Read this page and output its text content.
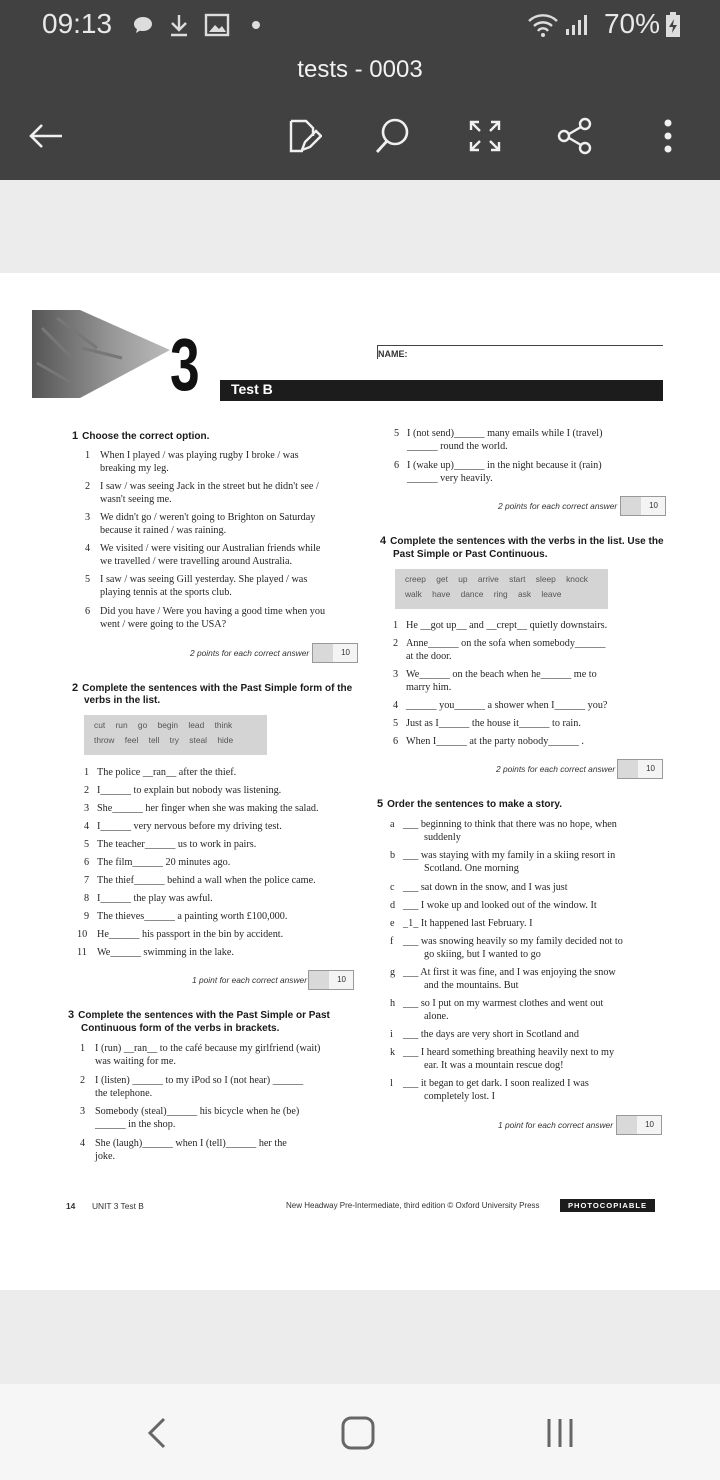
09:13	70%
tests - 0003
3 Test B
NAME:
1 Choose the correct option.
1 When I played / was playing rugby I broke / was
breaking my leg.
2 I saw / was seeing Jack in the street but he didn't see /
wasn't seeing me.
3 We didn't go / weren't going to Brighton on Saturday
because it rained / was raining.
4 We visited / were visiting our Australian friends while
we travelled / were travelling around Australia.
5 I saw / was seeing Gill yesterday. She played / was
playing tennis at the sports club.
6 Did you have / Were you having a good time when you
went / were going to the USA?
2 points for each correct answer	10
2 Complete the sentences with the Past Simple form of the
verbs in the list.
cut run go begin lead think
throw feel tell try steal hide
1 The police __ran__ after the thief.
2 I______ to explain but nobody was listening.
3 She______ her finger when she was making the salad.
4 I______ very nervous before my driving test.
5 The teacher______ us to work in pairs.
6 The film______ 20 minutes ago.
7 The thief______ behind a wall when the police came.
8 I______ the play was awful.
9 The thieves______ a painting worth £100,000.
10 He______ his passport in the bin by accident.
11 We______ swimming in the lake.
1 point for each correct answer	10
3 Complete the sentences with the Past Simple or Past
Continuous form of the verbs in brackets.
1 I (run) __ran__ to the café because my girlfriend (wait)
was waiting for me.
2 I (listen) ______ to my iPod so I (not hear) ______
the telephone.
3 Somebody (steal)______ his bicycle when he (be)
______ in the shop.
4 She (laugh)______ when I (tell)______ her the
joke.
5 I (not send)______ many emails while I (travel)
______ round the world.
6 I (wake up)______ in the night because it (rain)
______ very heavily.
2 points for each correct answer	10
4 Complete the sentences with the verbs in the list. Use the
Past Simple or Past Continuous.
creep get up arrive start sleep knock
walk have dance ring ask leave
1 He __got up__ and __crept__ quietly downstairs.
2 Anne______ on the sofa when somebody______
at the door.
3 We______ on the beach when he______ me to
marry him.
4 ______ you______ a shower when I______ you?
5 Just as I______ the house it______ to rain.
6 When I______ at the party nobody______ .
2 points for each correct answer	10
5 Order the sentences to make a story.
a ___ beginning to think that there was no hope, when
suddenly
b ___ was staying with my family in a skiing resort in
Scotland. One morning
c ___ sat down in the snow, and I was just
d ___ I woke up and looked out of the window. It
e _1_ It happened last February. I
f ___ was snowing heavily so my family decided not to
go skiing, but I wanted to go
g ___ At first it was fine, and I was enjoying the snow
and the mountains. But
h ___ so I put on my warmest clothes and went out
alone.
i ___ the days are very short in Scotland and
k ___ I heard something breathing heavily next to my
ear. It was a mountain rescue dog!
l ___ it began to get dark. I soon realized I was
completely lost. I
1 point for each correct answer	10
14 UNIT 3 Test B	New Headway Pre-Intermediate, third edition © Oxford University Press	PHOTOCOPIABLE
